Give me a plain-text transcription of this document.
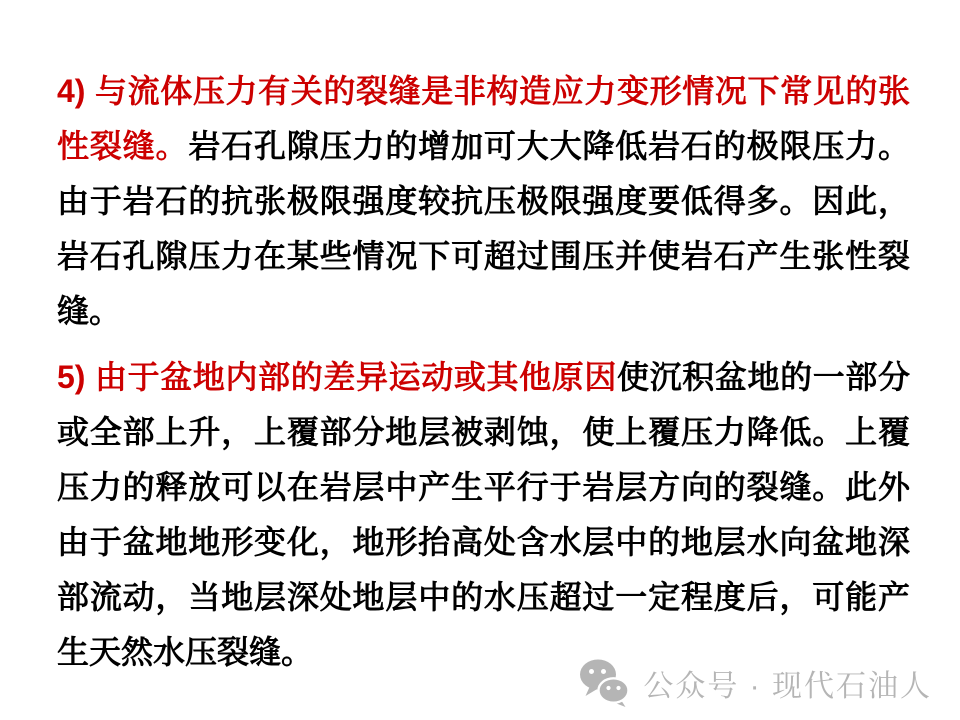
4) 与流体压力有关的裂缝是非构造应力变形情况下常见的张
性裂缝。岩石孔隙压力的增加可大大降低岩石的极限压力。
由于岩石的抗张极限强度较抗压极限强度要低得多。因此，
岩石孔隙压力在某些情况下可超过围压并使岩石产生张性裂
缝。
5) 由于盆地内部的差异运动或其他原因使沉积盆地的一部分
或全部上升，上覆部分地层被剥蚀，使上覆压力降低。上覆
压力的释放可以在岩层中产生平行于岩层方向的裂缝。此外
由于盆地地形变化，地形抬高处含水层中的地层水向盆地深
部流动，当地层深处地层中的水压超过一定程度后，可能产
生天然水压裂缝。
公众号 · 现代石油人
